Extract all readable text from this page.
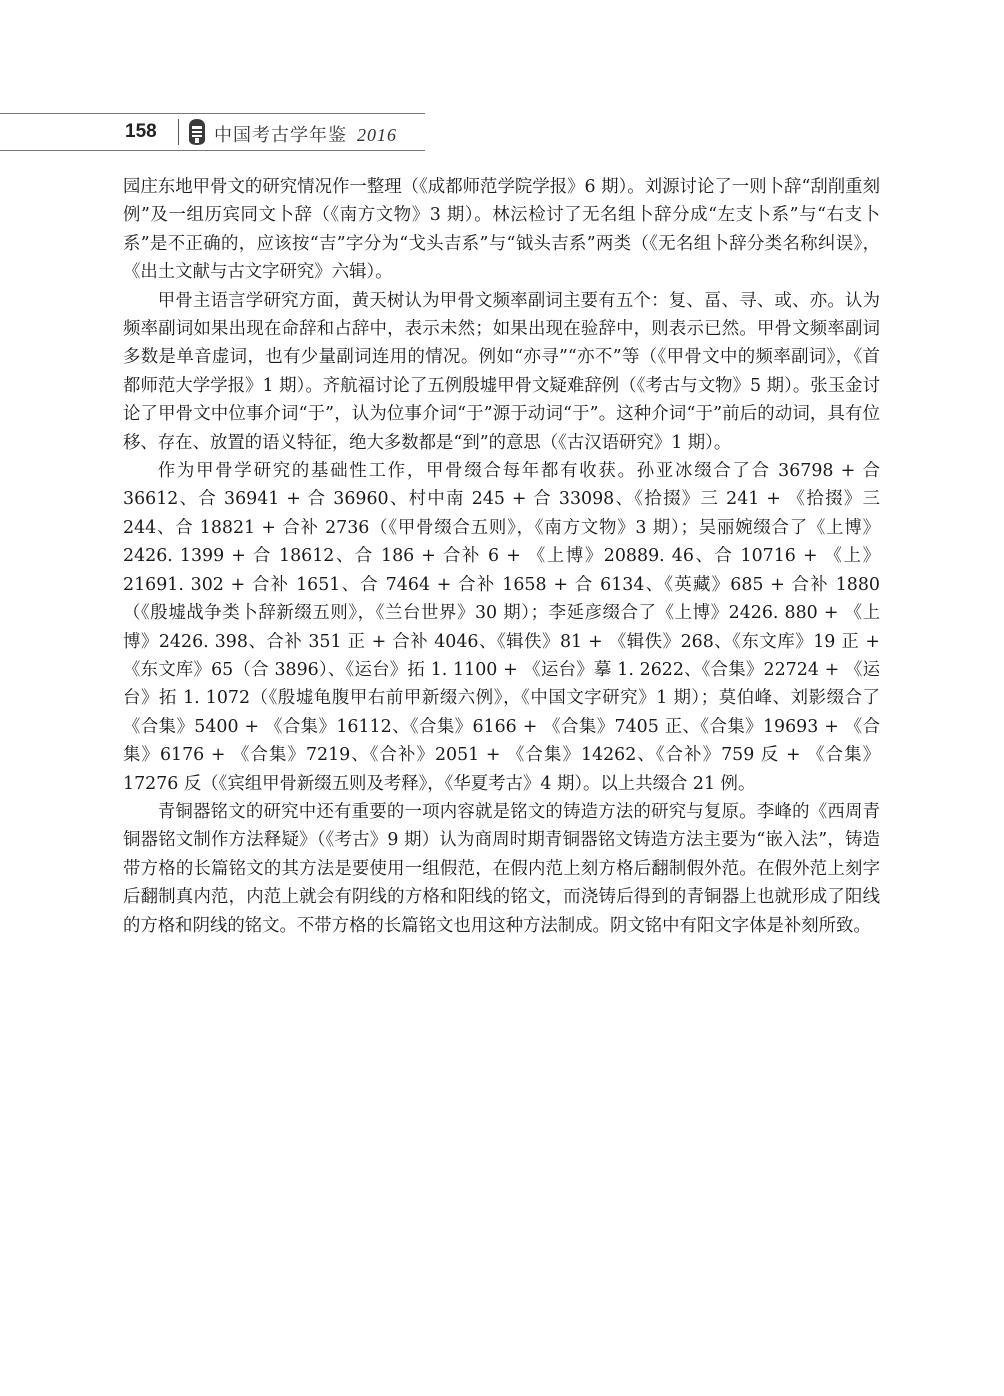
158	中国考古学年鉴 2016

园庄东地甲骨文的研究情况作一整理（《成都师范学院学报》6 期）。刘源讨论了一则卜辞“刮削重刻例”及一组历宾同文卜辞（《南方文物》3 期）。林沄检讨了无名组卜辞分成“左支卜系”与“右支卜系”是不正确的，应该按“吉”字分为“戈头吉系”与“钺头吉系”两类（《无名组卜辞分类名称纠误》，《出土文献与古文字研究》六辑）。

甲骨主语言学研究方面，黄天树认为甲骨文频率副词主要有五个：复、畐、寻、或、亦。认为频率副词如果出现在命辞和占辞中，表示未然；如果出现在验辞中，则表示已然。甲骨文频率副词多数是单音虚词，也有少量副词连用的情况。例如“亦寻”“亦不”等（《甲骨文中的频率副词》，《首都师范大学学报》1 期）。齐航福讨论了五例殷墟甲骨文疑难辞例（《考古与文物》5 期）。张玉金讨论了甲骨文中位事介词“于”，认为位事介词“于”源于动词“于”。这种介词“于”前后的动词，具有位移、存在、放置的语义特征，绝大多数都是“到”的意思（《古汉语研究》1 期）。

作为甲骨学研究的基础性工作，甲骨缀合每年都有收获。孙亚冰缀合了合 36798 + 合 36612、合 36941 + 合 36960、村中南 245 + 合 33098、《拾掇》三 241 + 《拾掇》三 244、合 18821 + 合补 2736（《甲骨缀合五则》，《南方文物》3 期）；吴丽婉缀合了《上博》2426. 1399 + 合 18612、合 186 + 合补 6 + 《上博》20889. 46、合 10716 + 《上》21691. 302 + 合补 1651、合 7464 + 合补 1658 + 合 6134、《英藏》685 + 合补 1880（《殷墟战争类卜辞新缀五则》，《兰台世界》30 期）；李延彦缀合了《上博》2426. 880 + 《上博》2426. 398、合补 351 正 + 合补 4046、《辑佚》81 + 《辑佚》268、《东文库》19 正 + 《东文库》65（合 3896）、《运台》拓 1. 1100 + 《运台》摹 1. 2622、《合集》22724 + 《运台》拓 1. 1072（《殷墟龟腹甲右前甲新缀六例》，《中国文字研究》1 期）；莫伯峰、刘影缀合了《合集》5400 + 《合集》16112、《合集》6166 + 《合集》7405 正、《合集》19693 + 《合集》6176 + 《合集》7219、《合补》2051 + 《合集》14262、《合补》759 反 + 《合集》17276 反（《宾组甲骨新缀五则及考释》，《华夏考古》4 期）。以上共缀合 21 例。

青铜器铭文的研究中还有重要的一项内容就是铭文的铸造方法的研究与复原。李峰的《西周青铜器铭文制作方法释疑》（《考古》9 期）认为商周时期青铜器铭文铸造方法主要为“嵌入法”，铸造带方格的长篇铭文的其方法是要使用一组假范，在假内范上刻方格后翻制假外范。在假外范上刻字后翻制真内范，内范上就会有阴线的方格和阳线的铭文，而浇铸后得到的青铜器上也就形成了阳线的方格和阴线的铭文。不带方格的长篇铭文也用这种方法制成。阴文铭中有阳文字体是补刻所致。
